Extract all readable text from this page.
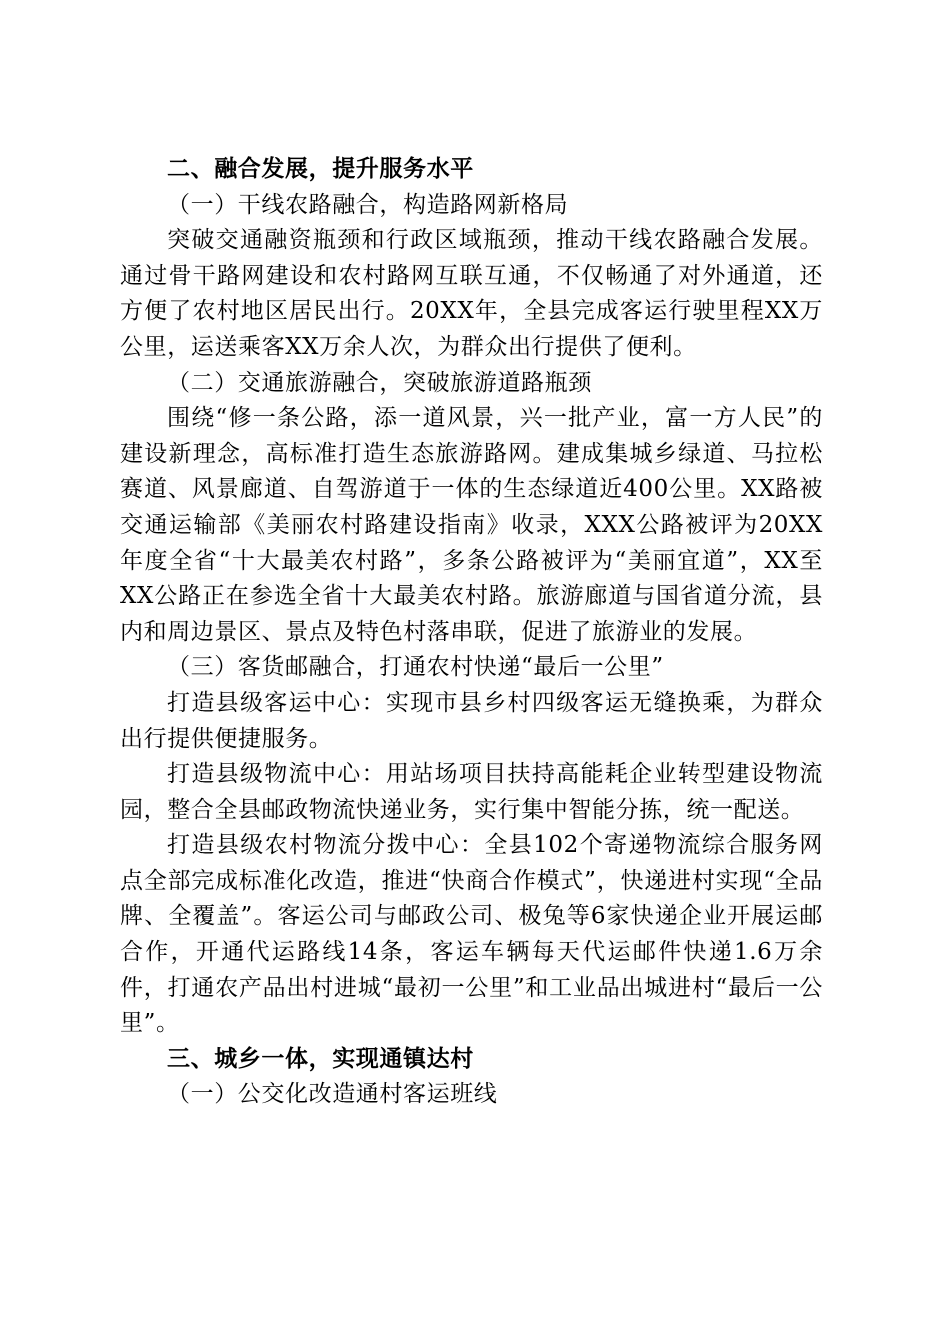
二、融合发展，提升服务水平

（一）干线农路融合，构造路网新格局

突破交通融资瓶颈和行政区域瓶颈，推动干线农路融合发展。通过骨干路网建设和农村路网互联互通，不仅畅通了对外通道，还方便了农村地区居民出行。20XX年，全县完成客运行驶里程XX万公里，运送乘客XX万余人次，为群众出行提供了便利。

（二）交通旅游融合，突破旅游道路瓶颈

围绕“修一条公路，添一道风景，兴一批产业，富一方人民”的建设新理念，高标准打造生态旅游路网。建成集城乡绿道、马拉松赛道、风景廊道、自驾游道于一体的生态绿道近400公里。XX路被交通运输部《美丽农村路建设指南》收录，XXX公路被评为20XX年度全省“十大最美农村路”，多条公路被评为“美丽宜道”，XX至XX公路正在参选全省十大最美农村路。旅游廊道与国省道分流，县内和周边景区、景点及特色村落串联，促进了旅游业的发展。

（三）客货邮融合，打通农村快递“最后一公里”

打造县级客运中心：实现市县乡村四级客运无缝换乘，为群众出行提供便捷服务。

打造县级物流中心：用站场项目扶持高能耗企业转型建设物流园，整合全县邮政物流快递业务，实行集中智能分拣，统一配送。

打造县级农村物流分拨中心：全县102个寄递物流综合服务网点全部完成标准化改造，推进“快商合作模式”，快递进村实现“全品牌、全覆盖”。客运公司与邮政公司、极兔等6家快递企业开展运邮合作，开通代运路线14条，客运车辆每天代运邮件快递1.6万余件，打通农产品出村进城“最初一公里”和工业品出城进村“最后一公里”。

三、城乡一体，实现通镇达村

（一）公交化改造通村客运班线
